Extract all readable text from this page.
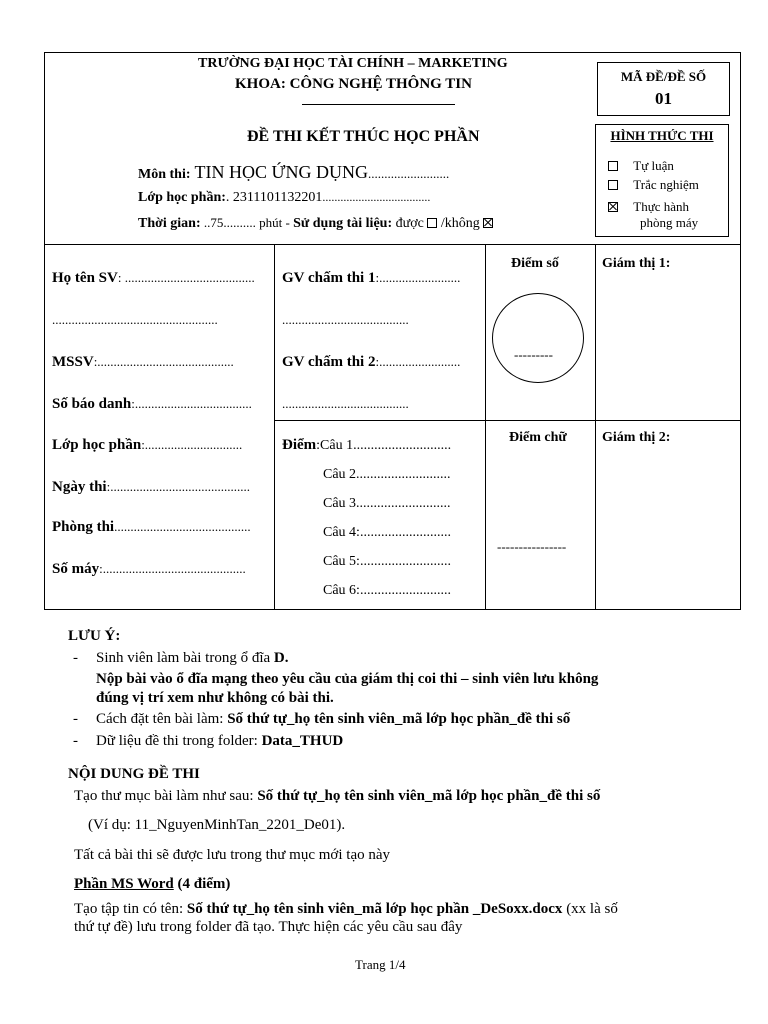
TRƯỜNG ĐẠI HỌC TÀI CHÍNH – MARKETING
KHOA: CÔNG NGHỆ THÔNG TIN
ĐỀ THI KẾT THÚC HỌC PHẦN
Môn thi: TIN HỌC ỨNG DỤNG.........................
Lớp học phần:. 2311101132201....................................
Thời gian: ..75.......... phút - Sử dụng tài liệu: được  /không
MÃ ĐỀ/ĐỀ SỐ
01
HÌNH THỨC THI
Tự luận
Trắc nghiệm
Thực hành
phòng máy
Họ tên SV: ........................................
...................................................
MSSV:..........................................
Số báo danh:....................................
Lớp học phần:..............................
Ngày thi:...........................................
Phòng thi..........................................
Số máy:............................................
GV chấm thi 1:.........................
.......................................
GV chấm thi 2:.........................
.......................................
Điểm:Câu 1............................
Câu 2...........................
Câu 3...........................
Câu 4:..........................
Câu 5:..........................
Câu 6:..........................
Điểm số
---------
Điểm chữ
----------------
Giám thị 1:
Giám thị 2:
LƯU Ý:
- Sinh viên làm bài trong ổ đĩa D.
Nộp bài vào ổ đĩa mạng theo yêu cầu của giám thị coi thi – sinh viên lưu không
đúng vị trí xem như không có bài thi.
- Cách đặt tên bài làm: Số thứ tự_họ tên sinh viên_mã lớp học phần_đề thi số
- Dữ liệu đề thi trong folder: Data_THUD
NỘI DUNG ĐỀ THI
Tạo thư mục bài làm như sau: Số thứ tự_họ tên sinh viên_mã lớp học phần_đề thi số
(Ví dụ: 11_NguyenMinhTan_2201_De01).
Tất cả bài thi sẽ được lưu trong thư mục mới tạo này
Phần MS Word (4 điểm)
Tạo tập tin có tên: Số thứ tự_họ tên sinh viên_mã lớp học phần _DeSoxx.docx (xx là số
thứ tự đề) lưu trong folder đã tạo. Thực hiện các yêu cầu sau đây
Trang 1/4
